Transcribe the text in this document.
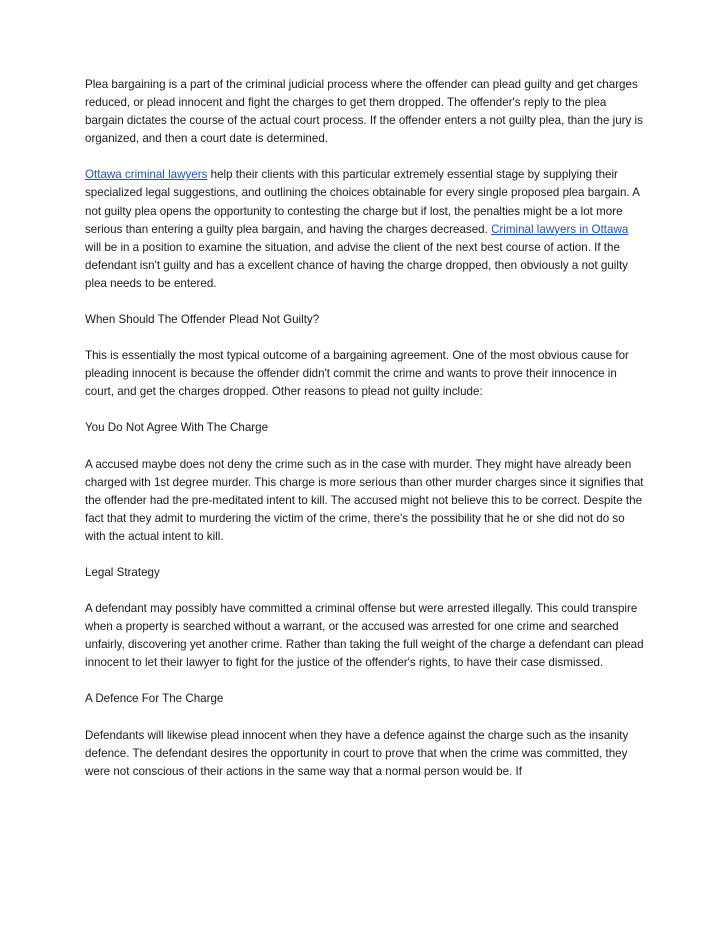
Plea bargaining is a part of the criminal judicial process where the offender can plead guilty and get charges reduced, or plead innocent and fight the charges to get them dropped. The offender's reply to the plea bargain dictates the course of the actual court process. If the offender enters a not guilty plea, than the jury is organized, and then a court date is determined.

Ottawa criminal lawyers help their clients with this particular extremely essential stage by supplying their specialized legal suggestions, and outlining the choices obtainable for every single proposed plea bargain. A not guilty plea opens the opportunity to contesting the charge but if lost, the penalties might be a lot more serious than entering a guilty plea bargain, and having the charges decreased. Criminal lawyers in Ottawa will be in a position to examine the situation, and advise the client of the next best course of action. If the defendant isn't guilty and has a excellent chance of having the charge dropped, then obviously a not guilty plea needs to be entered.

When Should The Offender Plead Not Guilty?

This is essentially the most typical outcome of a bargaining agreement. One of the most obvious cause for pleading innocent is because the offender didn't commit the crime and wants to prove their innocence in court, and get the charges dropped. Other reasons to plead not guilty include:

You Do Not Agree With The Charge

A accused maybe does not deny the crime such as in the case with murder. They might have already been charged with 1st degree murder. This charge is more serious than other murder charges since it signifies that the offender had the pre-meditated intent to kill. The accused might not believe this to be correct. Despite the fact that they admit to murdering the victim of the crime, there's the possibility that he or she did not do so with the actual intent to kill.

Legal Strategy

A defendant may possibly have committed a criminal offense but were arrested illegally. This could transpire when a property is searched without a warrant, or the accused was arrested for one crime and searched unfairly, discovering yet another crime. Rather than taking the full weight of the charge a defendant can plead innocent to let their lawyer to fight for the justice of the offender's rights, to have their case dismissed.

A Defence For The Charge

Defendants will likewise plead innocent when they have a defence against the charge such as the insanity defence. The defendant desires the opportunity in court to prove that when the crime was committed, they were not conscious of their actions in the same way that a normal person would be. If
